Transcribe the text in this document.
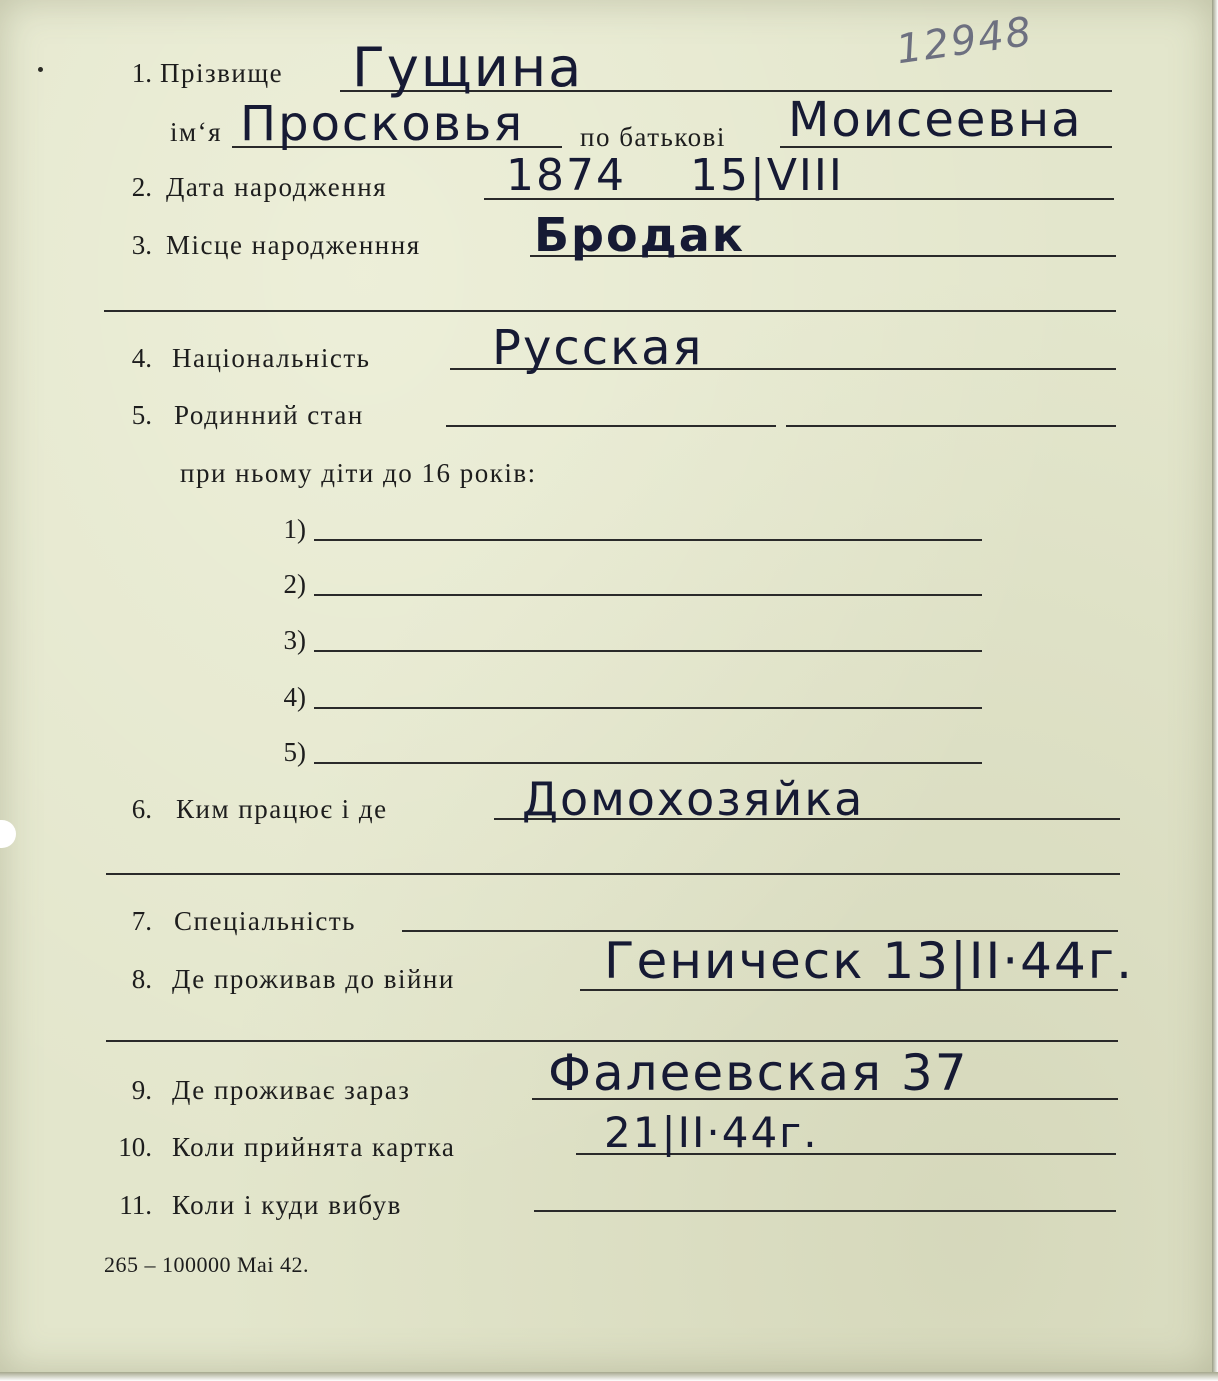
12948
1. Прізвище Гущина
ім‘я Просковья по батькові Моисеевна
2. Дата народження	1874 15|VIII
3. Місце народженння Бродак
4. Національність	Русская
5. Родинний стан
при ньому діти до 16 років:
1)
2)
3)
4)
5)
6. Ким працює і де	Домохозяйка
7. Спеціальність
8. Де проживав до війни	Геническ 13|II·44г.
9. Де проживає зараз	Фалеевская 37
10. Коли прийнята картка	21|II·44г.
11. Коли і куди вибув
265 – 100000 Mai 42.
